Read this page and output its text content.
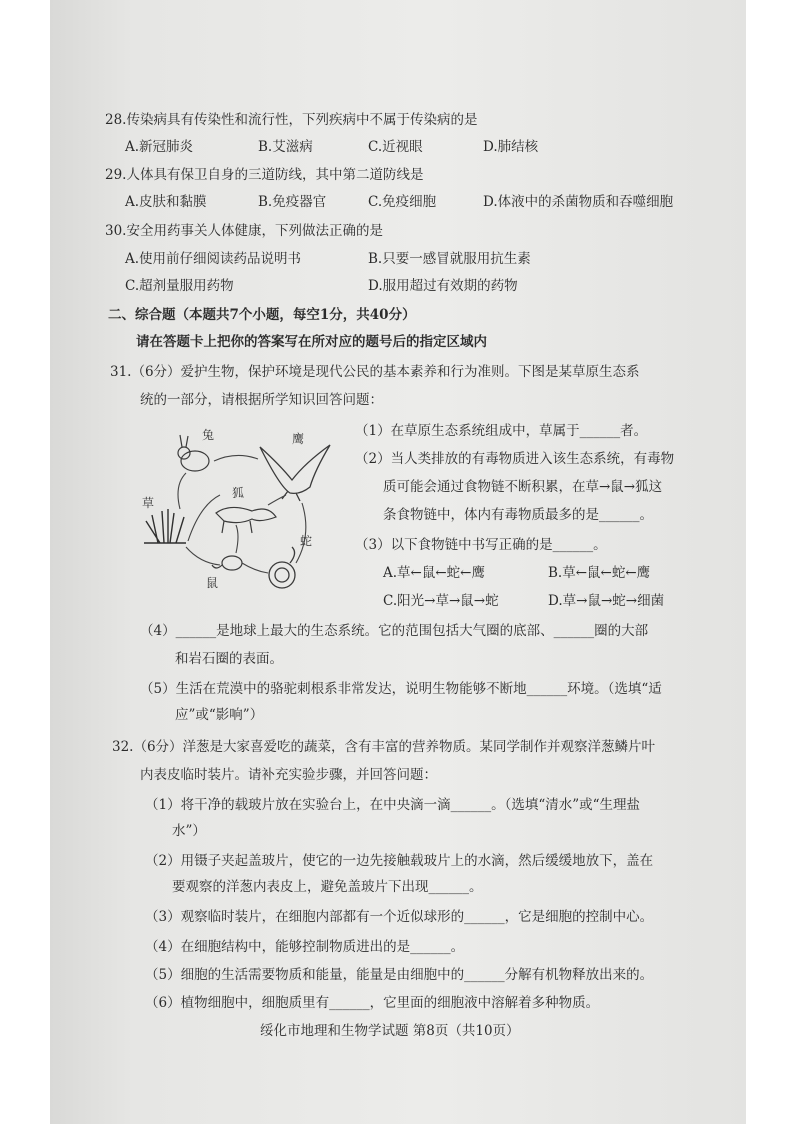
28.传染病具有传染性和流行性，下列疾病中不属于传染病的是
A.新冠肺炎	B.艾滋病	C.近视眼	D.肺结核
29.人体具有保卫自身的三道防线，其中第二道防线是
A.皮肤和黏膜	B.免疫器官	C.免疫细胞	D.体液中的杀菌物质和吞噬细胞
30.安全用药事关人体健康，下列做法正确的是
A.使用前仔细阅读药品说明书	B.只要一感冒就服用抗生素
C.超剂量服用药物	D.服用超过有效期的药物
二、综合题（本题共7个小题，每空1分，共40分）
请在答题卡上把你的答案写在所对应的题号后的指定区域内
31.（6分）爱护生物，保护环境是现代公民的基本素养和行为准则。下图是某草原生态系
统的一部分，请根据所学知识回答问题：
兔	鹰
草
狐
鼠
蛇
（1）在草原生态系统组成中，草属于______者。
（2）当人类排放的有毒物质进入该生态系统，有毒物
质可能会通过食物链不断积累，在草→鼠→狐这
条食物链中，体内有毒物质最多的是______。
（3）以下食物链中书写正确的是______。
A.草←鼠←蛇←鹰	B.草←鼠←蛇←鹰
C.阳光→草→鼠→蛇	D.草→鼠→蛇→细菌
（4）______是地球上最大的生态系统。它的范围包括大气圈的底部、______圈的大部
和岩石圈的表面。
（5）生活在荒漠中的骆驼刺根系非常发达，说明生物能够不断地______环境。（选填“适
应”或“影响”）
32.（6分）洋葱是大家喜爱吃的蔬菜，含有丰富的营养物质。某同学制作并观察洋葱鳞片叶
内表皮临时装片。请补充实验步骤，并回答问题：
（1）将干净的载玻片放在实验台上，在中央滴一滴______。（选填“清水”或“生理盐
水”）
（2）用镊子夹起盖玻片，使它的一边先接触载玻片上的水滴，然后缓缓地放下，盖在
要观察的洋葱内表皮上，避免盖玻片下出现______。
（3）观察临时装片，在细胞内部都有一个近似球形的______，它是细胞的控制中心。
（4）在细胞结构中，能够控制物质进出的是______。
（5）细胞的生活需要物质和能量，能量是由细胞中的______分解有机物释放出来的。
（6）植物细胞中，细胞质里有______，它里面的细胞液中溶解着多种物质。
绥化市地理和生物学试题 第8页（共10页）
